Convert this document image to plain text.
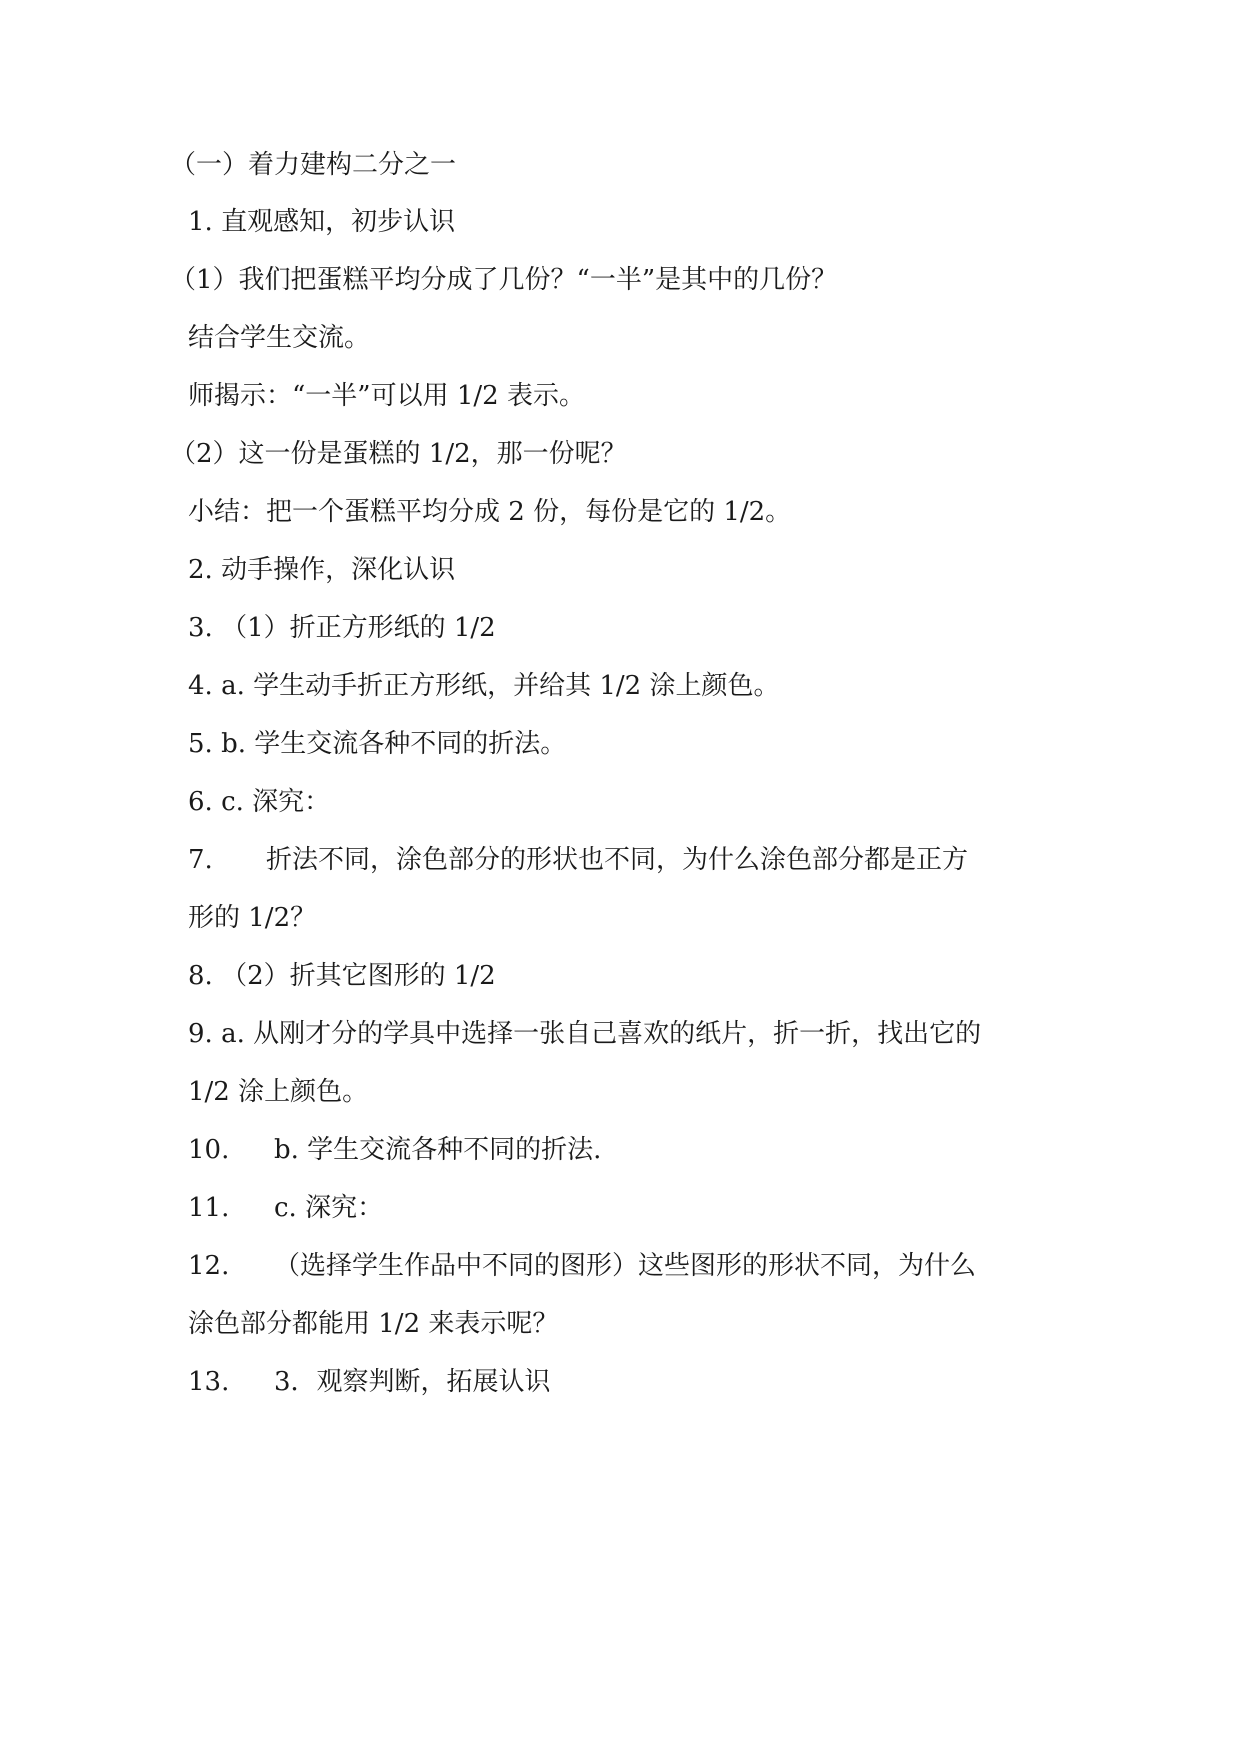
（一）着力建构二分之一
1. 直观感知，初步认识
（1）我们把蛋糕平均分成了几份？“一半”是其中的几份？
结合学生交流。
师揭示：“一半”可以用 1/2 表示。
（2）这一份是蛋糕的 1/2，那一份呢？
小结：把一个蛋糕平均分成 2 份，每份是它的 1/2。
2. 动手操作，深化认识
3. （1）折正方形纸的 1/2
4. a. 学生动手折正方形纸，并给其 1/2 涂上颜色。
5. b. 学生交流各种不同的折法。
6. c. 深究：
7. 折法不同，涂色部分的形状也不同，为什么涂色部分都是正方
形的 1/2？
8. （2）折其它图形的 1/2
9. a. 从刚才分的学具中选择一张自己喜欢的纸片，折一折，找出它的
1/2 涂上颜色。
10. b. 学生交流各种不同的折法.
11. c. 深究：
12. （选择学生作品中不同的图形）这些图形的形状不同，为什么
涂色部分都能用 1/2 来表示呢？
13. 3．观察判断，拓展认识
